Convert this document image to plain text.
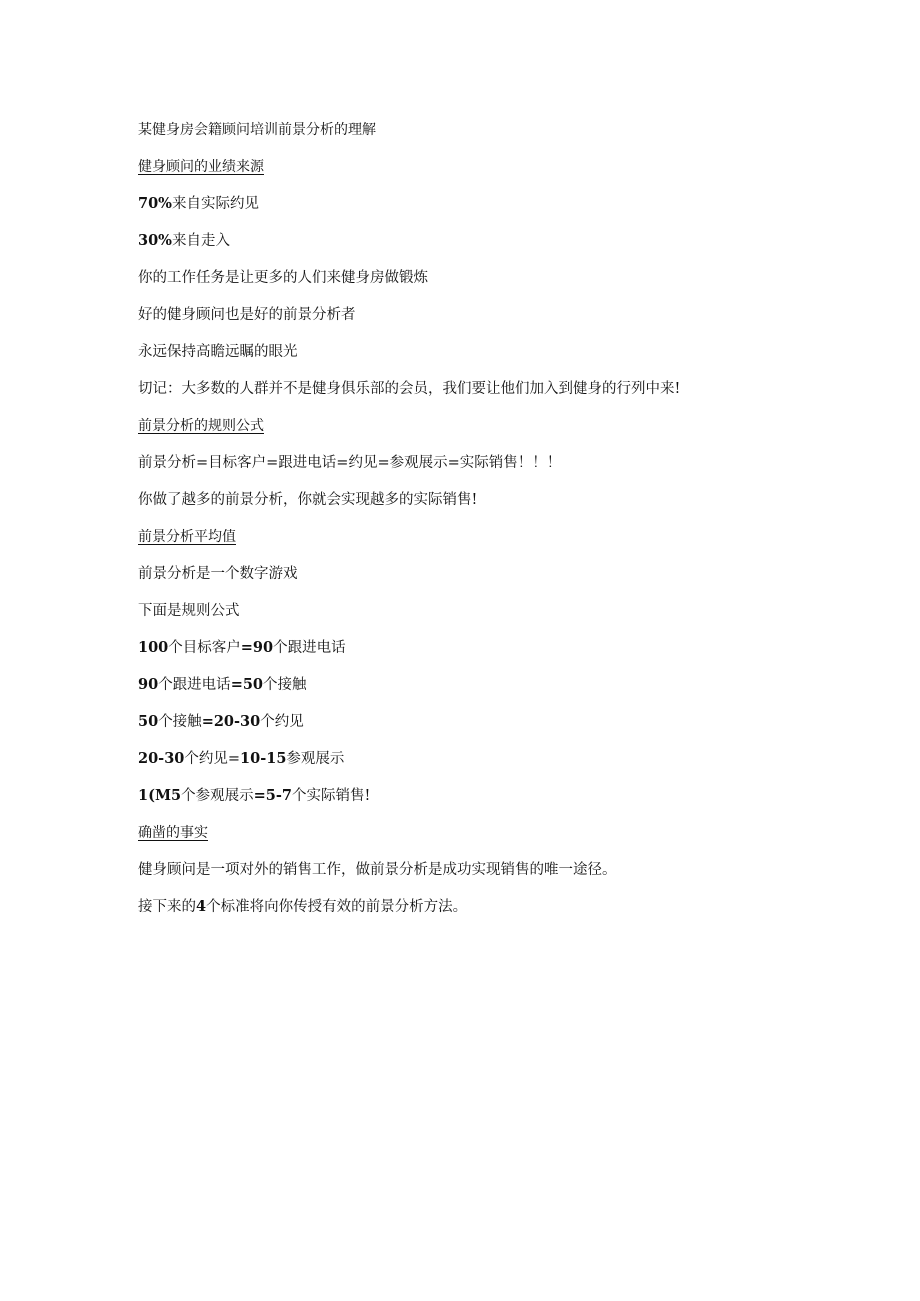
某健身房会籍顾问培训前景分析的理解
健身顾问的业绩来源
70%来自实际约见
30%来自走入
你的工作任务是让更多的人们来健身房做锻炼
好的健身顾问也是好的前景分析者
永远保持高瞻远瞩的眼光
切记：大多数的人群并不是健身俱乐部的会员，我们要让他们加入到健身的行列中来!
前景分析的规则公式
前景分析=目标客户=跟进电话=约见=参观展示=实际销售！！！
你做了越多的前景分析，你就会实现越多的实际销售!
前景分析平均值
前景分析是一个数字游戏
下面是规则公式
100个目标客户=90个跟进电话
90个跟进电话=50个接触
50个接触=20-30个约见
20-30个约见=10-15参观展示
1(M5个参观展示=5-7个实际销售!
确凿的事实
健身顾问是一项对外的销售工作，做前景分析是成功实现销售的唯一途径。
接下来的4个标准将向你传授有效的前景分析方法。
